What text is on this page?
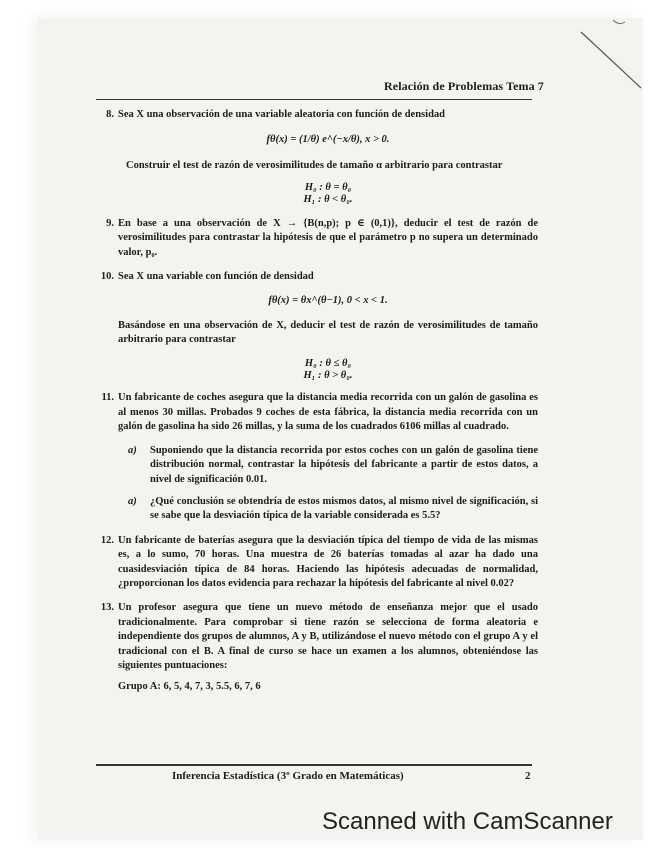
Relación de Problemas Tema 7
8. Sea X una observación de una variable aleatoria con función de densidad
fθ(x) = (1/θ) e^(−x/θ), x > 0.
Construir el test de razón de verosimilitudes de tamaño α arbitrario para contrastar
H₀ : θ = θ₀
H₁ : θ < θ₀.
9. En base a una observación de X → {B(n,p); p ∈ (0,1)}, deducir el test de razón de verosimilitudes para contrastar la hipótesis de que el parámetro p no supera un determinado valor, p₀.
10. Sea X una variable con función de densidad
fθ(x) = θx^(θ−1), 0 < x < 1.
Basándose en una observación de X, deducir el test de razón de verosimilitudes de tamaño arbitrario para contrastar
H₀ : θ ≤ θ₀
H₁ : θ > θ₀.
11. Un fabricante de coches asegura que la distancia media recorrida con un galón de gasolina es al menos 30 millas. Probados 9 coches de esta fábrica, la distancia media recorrida con un galón de gasolina ha sido 26 millas, y la suma de los cuadrados 6106 millas al cuadrado.
a) Suponiendo que la distancia recorrida por estos coches con un galón de gasolina tiene distribución normal, contrastar la hipótesis del fabricante a partir de estos datos, a nivel de significación 0.01.
a) ¿Qué conclusión se obtendría de estos mismos datos, al mismo nivel de significación, si se sabe que la desviación típica de la variable considerada es 5.5?
12. Un fabricante de baterías asegura que la desviación típica del tiempo de vida de las mismas es, a lo sumo, 70 horas. Una muestra de 26 baterías tomadas al azar ha dado una cuasidesviación típica de 84 horas. Haciendo las hipótesis adecuadas de normalidad, ¿proporcionan los datos evidencia para rechazar la hipótesis del fabricante al nivel 0.02?
13. Un profesor asegura que tiene un nuevo método de enseñanza mejor que el usado tradicionalmente. Para comprobar si tiene razón se selecciona de forma aleatoria e independiente dos grupos de alumnos, A y B, utilizándose el nuevo método con el grupo A y el tradicional con el B. A final de curso se hace un examen a los alumnos, obteniéndose las siguientes puntuaciones:
Grupo A: 6, 5, 4, 7, 3, 5.5, 6, 7, 6
Inferencia Estadística (3º Grado en Matemáticas)	2
Scanned with CamScanner
